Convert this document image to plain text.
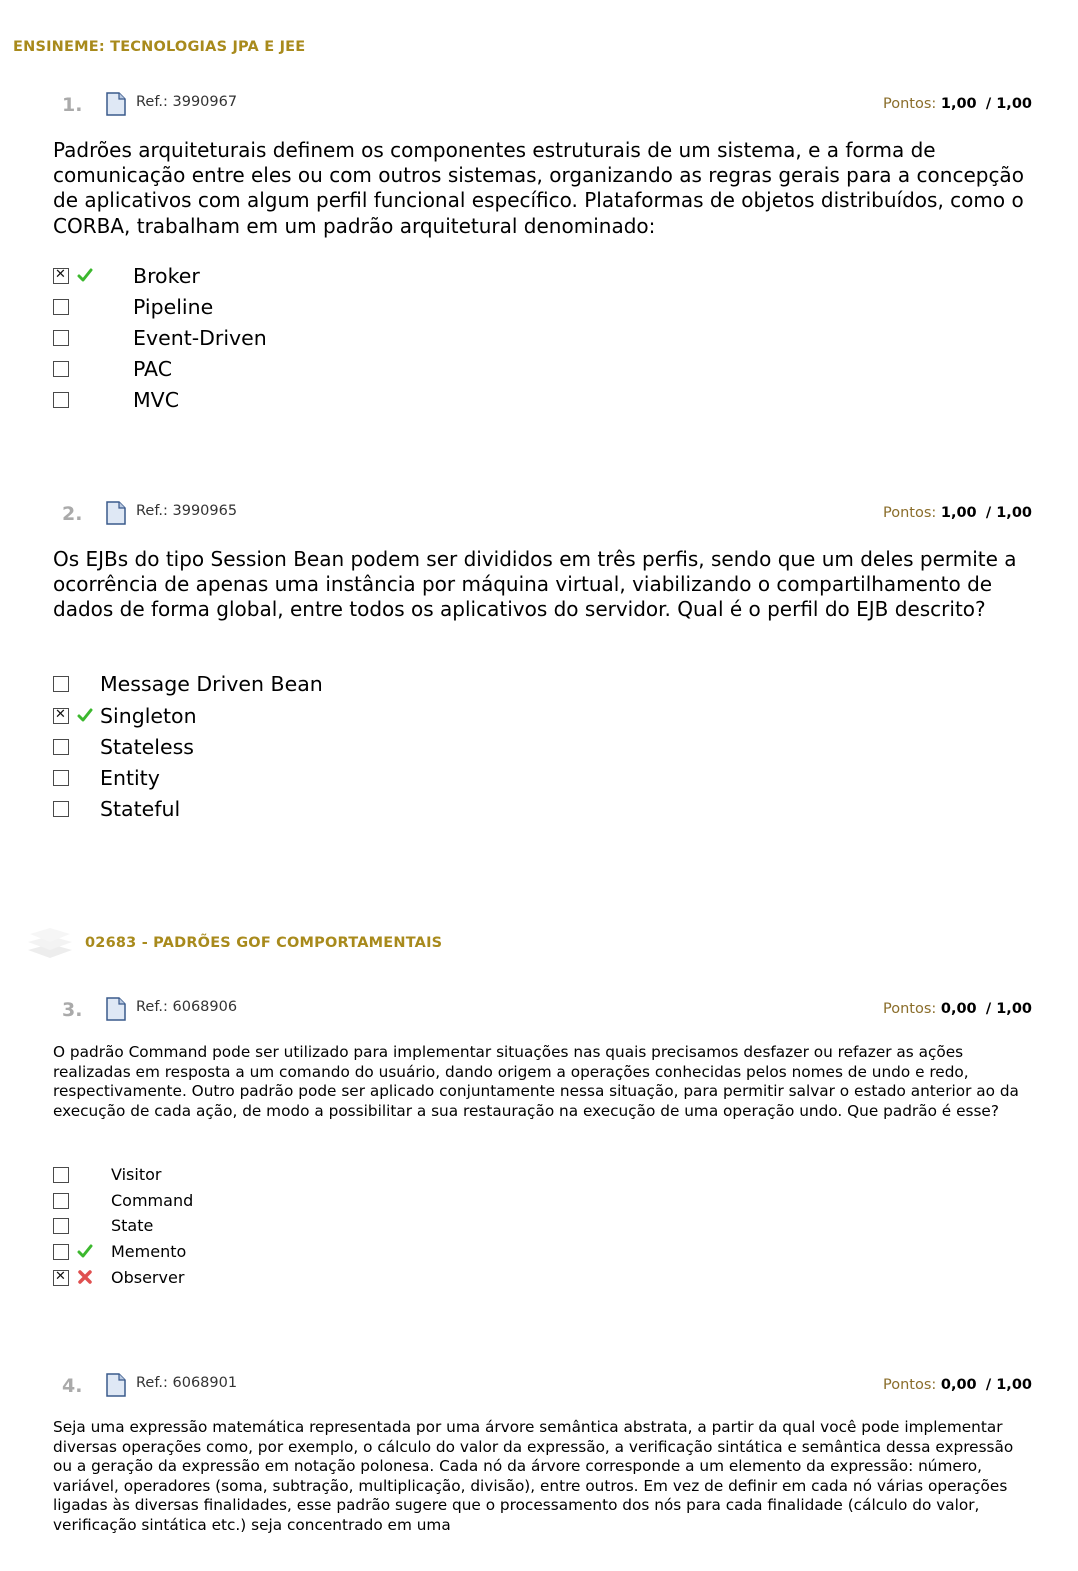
ENSINEME: TECNOLOGIAS JPA E JEE
1.	Ref.: 3990967	Pontos: 1,00 / 1,00

Padrões arquiteturais definem os componentes estruturais de um sistema, e a forma de comunicação entre eles ou com outros sistemas, organizando as regras gerais para a concepção de aplicativos com algum perfil funcional específico. Plataformas de objetos distribuídos, como o CORBA, trabalham em um padrão arquitetural denominado:

✕
Broker
Pipeline
Event-Driven
PAC
MVC
2.	Ref.: 3990965	Pontos: 1,00 / 1,00

Os EJBs do tipo Session Bean podem ser divididos em três perfis, sendo que um deles permite a ocorrência de apenas uma instância por máquina virtual, viabilizando o compartilhamento de dados de forma global, entre todos os aplicativos do servidor. Qual é o perfil do EJB descrito?

Message Driven Bean
✕
Singleton
Stateless
Entity
Stateful
02683 - PADRÕES GOF COMPORTAMENTAIS
3.	Ref.: 6068906	Pontos: 0,00 / 1,00

O padrão Command pode ser utilizado para implementar situações nas quais precisamos desfazer ou refazer as ações realizadas em resposta a um comando do usuário, dando origem a operações conhecidas pelos nomes de undo e redo, respectivamente. Outro padrão pode ser aplicado conjuntamente nessa situação, para permitir salvar o estado anterior ao da execução de cada ação, de modo a possibilitar a sua restauração na execução de uma operação undo. Que padrão é esse?

Visitor
Command
State
Memento
✕
Observer
4.	Ref.: 6068901	Pontos: 0,00 / 1,00

Seja uma expressão matemática representada por uma árvore semântica abstrata, a partir da qual você pode implementar diversas operações como, por exemplo, o cálculo do valor da expressão, a verificação sintática e semântica dessa expressão ou a geração da expressão em notação polonesa. Cada nó da árvore corresponde a um elemento da expressão: número, variável, operadores (soma, subtração, multiplicação, divisão), entre outros. Em vez de definir em cada nó várias operações ligadas às diversas finalidades, esse padrão sugere que o processamento dos nós para cada finalidade (cálculo do valor, verificação sintática etc.) seja concentrado em uma
